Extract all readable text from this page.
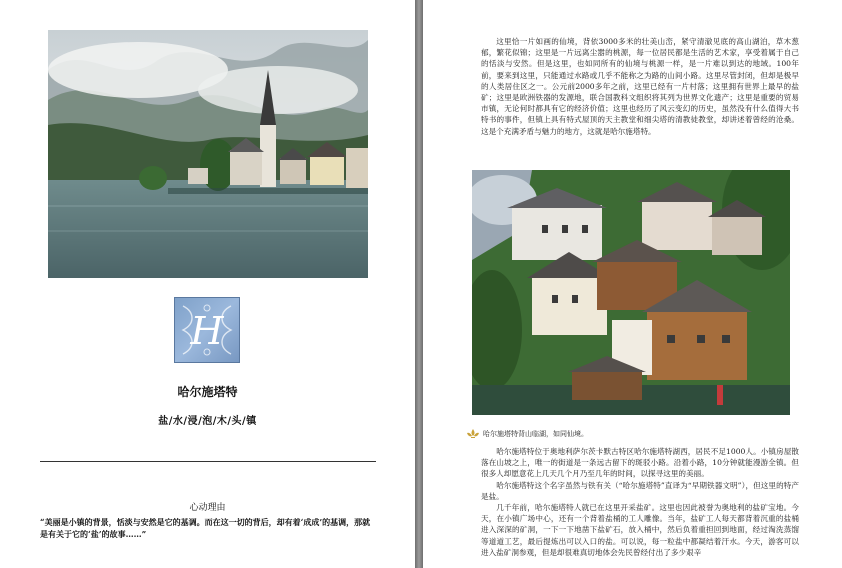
H
哈尔施塔特
盐/水/浸/泡/木/头/镇
心动理由
“美丽是小镇的背景，恬淡与安然是它的基调。而在这一切的背后，却有着‘成成’的基调，那就是有关于它的‘盐’的故事……”

这里恰一片如画的仙境，背依3000多米的壮美山峦，紧守清澈见底的高山湖泊，草木葱郁，繁花似锦；这里是一片远离尘嚣的桃源，每一位居民都是生活的艺术家，享受着属于自己的恬淡与安然。但是这里，也如同所有的仙境与桃源一样，是一片难以到达的地域。100年前，要来到这里，只能通过水路或几乎不能称之为路的山间小路。这里尽管封闭，但却是极早的人类居住区之一。公元前2000多年之前，这里已经有一片村落；这里拥有世界上最早的盐矿；这里是欧洲铁器的发源地，联合国教科文组织将其列为世界文化遗产；这里是重要的贸易市镇，无论何时都具有它的经济价值；这里也经历了风云变幻的历史，虽然没有什么值得大书特书的事件，但镇上具有特式屋顶的天主教堂和细尖塔的清教徒教堂，却讲述着曾经的沧桑。这是个充满矛盾与魅力的地方，这就是哈尔施塔特。

哈尔施塔特背山临湖，如同仙境。

哈尔施塔特位于奥地利萨尔茨卡默古特区哈尔施塔特湖西，居民不足1000人。小镇房屋散落在山坡之上，唯一的街道是一条远古留下的斑驳小路。沿着小路，10分钟就能漫游全镇。但很多人却愿意花上几天几个月乃至几年的时间，以探寻这里的美丽。

哈尔施塔特这个名字虽然与铁有关（“哈尔施塔特”直译为“早期铁器文明”），但这里的特产是盐。

几千年前，哈尔施塔特人就已在这里开采盐矿。这里也因此被誉为奥地利的盐矿宝地。今天，在小镇广场中心，还有一个背着盐桶的工人雕像。当年，盐矿工人每天都背着沉重的盐桶进入深深的矿洞，一下一下地凿下盐矿石，放入桶中，然后负着重担回到地面，经过淘洗蒸馏等道道工艺，最后提炼出可以入口的盐。可以说，每一粒盐中都凝结着汗水。今天，游客可以进入盐矿洞参观，但是却很难真切地体会先民曾经付出了多少艰辛
